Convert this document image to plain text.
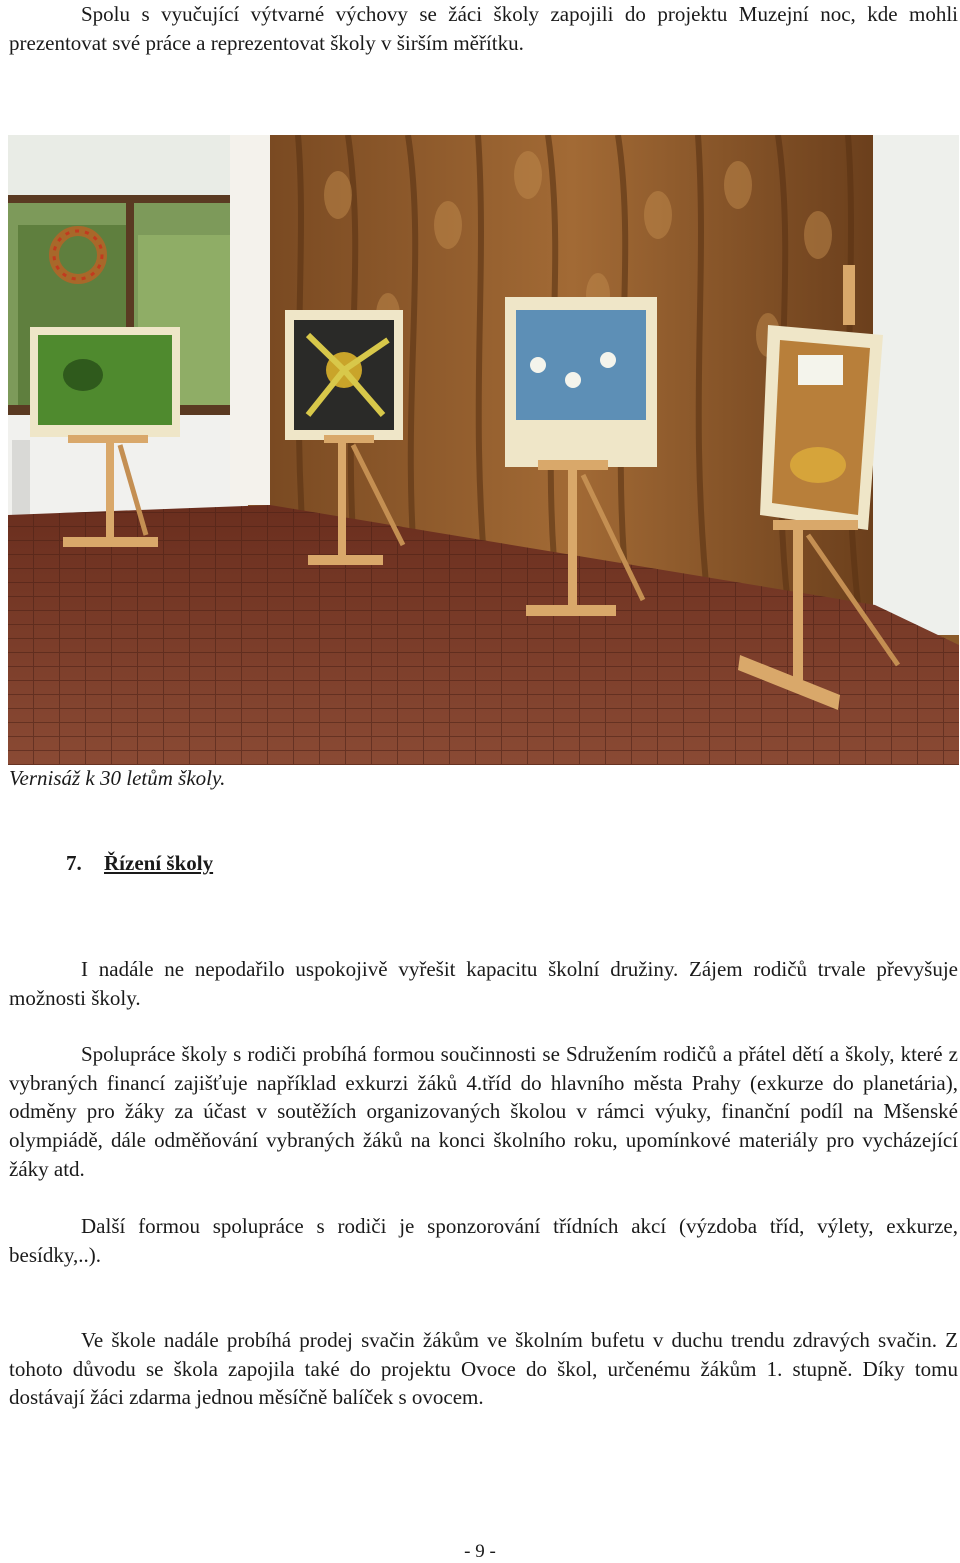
Spolu s vyučující výtvarné výchovy se žáci školy zapojili do projektu Muzejní noc, kde mohli prezentovat své práce a reprezentovat školy v širším měřítku.

Vernisáž k 30 letům školy.

7. Řízení školy

I nadále ne nepodařilo uspokojivě vyřešit kapacitu školní družiny. Zájem rodičů trvale převyšuje možnosti školy.

Spolupráce školy s rodiči probíhá formou součinnosti se Sdružením rodičů a přátel dětí a školy, které z vybraných financí zajišťuje například exkurzi žáků 4.tříd do hlavního města Prahy (exkurze do planetária), odměny pro žáky za účast v soutěžích organizovaných školou v rámci výuky, finanční podíl na Mšenské olympiádě, dále odměňování vybraných žáků na konci školního roku, upomínkové materiály pro vycházející žáky atd.

Další formou spolupráce s rodiči je sponzorování třídních akcí (výzdoba tříd, výlety, exkurze, besídky,..).

Ve škole nadále probíhá prodej svačin žákům ve školním bufetu v duchu trendu zdravých svačin. Z tohoto důvodu se škola zapojila také do projektu Ovoce do škol, určenému žákům 1. stupně. Díky tomu dostávají žáci zdarma jednou měsíčně balíček s ovocem.

- 9 -
